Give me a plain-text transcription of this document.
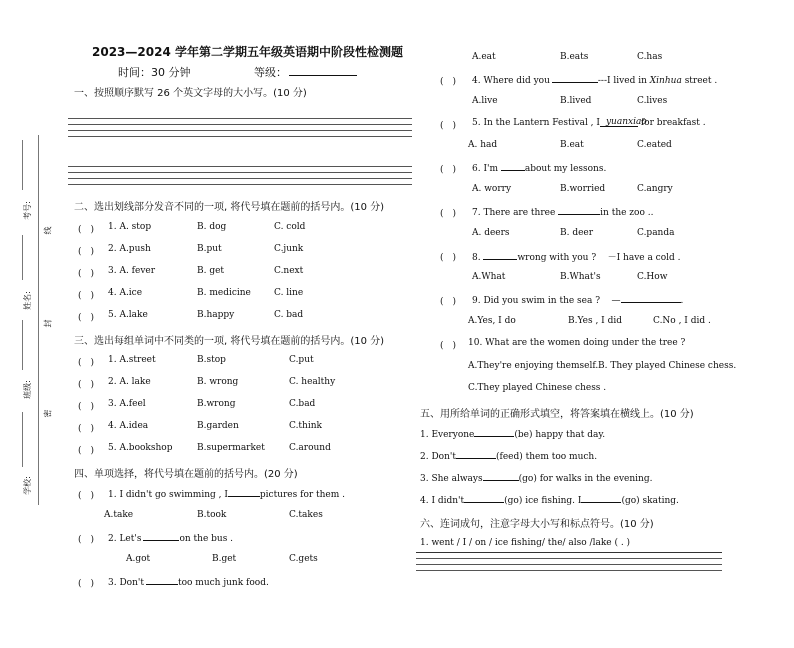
考号:
线
姓名:
封
班级:
密
学校:
2023—2024 学年第二学期五年级英语期中阶段性检测题
时间：30 分钟	等级：
一、按照顺序默写 26 个英文字母的大小写。(10 分)
二、选出划线部分发音不同的一项, 将代号填在题前的括号内。(10 分)
(　) 1. A. stop	B. dog	C. cold
(　) 2. A.push	B.put	C.junk
(　) 3. A. fever	B. get	C.next
(　) 4. A.ice	B. medicine	C. line
(　) 5. A.lake	B.happy	C. bad
三、选出每组单词中不同类的一项, 将代号填在题前的括号内。(10 分)
(　) 1. A.street	B.stop	C.put
(　) 2. A. lake	B. wrong	C. healthy
(　) 3. A.feel	B.wrong	C.bad
(　) 4. A.idea	B.garden	C.think
(　) 5. A.bookshop	B.supermarket	C.around
四、单项选择，将代号填在题前的括号内。(20 分)
(　) 1. I didn't go swimming , I	pictures for them .
A.take	B.took	C.takes
(　) 2. Let's	on the bus .
A.got	B.get	C.gets
(　) 3. Don't	too much junk food.
A.eat	B.eats	C.has
(　) 4. Where did you	---I lived in Xinhua street .
A.live	B.lived	C.lives
(　) 5. In the Lantern Festival , I yuanxiao for breakfast .
A. had	B.eat	C.eated
(　) 6. I'm	about my lessons.
A. worry	B.worried	C.angry
(　) 7. There are three	in the zoo ..
A. deers	B. deer	C.panda
(　) 8.	wrong with you ? －I have a cold .
A.What	B.What's	C.How
(　) 9. Did you swim in the sea ? —	.
A.Yes, I do	B.Yes , I did	C.No , I did .
(　) 10. What are the women doing under the tree ?
A.They're enjoying themself. B. They played Chinese chess.
C.They played Chinese chess .
五、用所给单词的正确形式填空，将答案填在横线上。(10 分)
1. Everyone	(be) happy that day.
2. Don't	(feed) them too much.
3. She always	(go) for walks in the evening.
4. I didn't	(go) ice fishing. I	(go) skating.
六、连词成句，注意字母大小写和标点符号。(10 分)
1. went / I / on / ice fishing/ the/ also /lake ( . )
